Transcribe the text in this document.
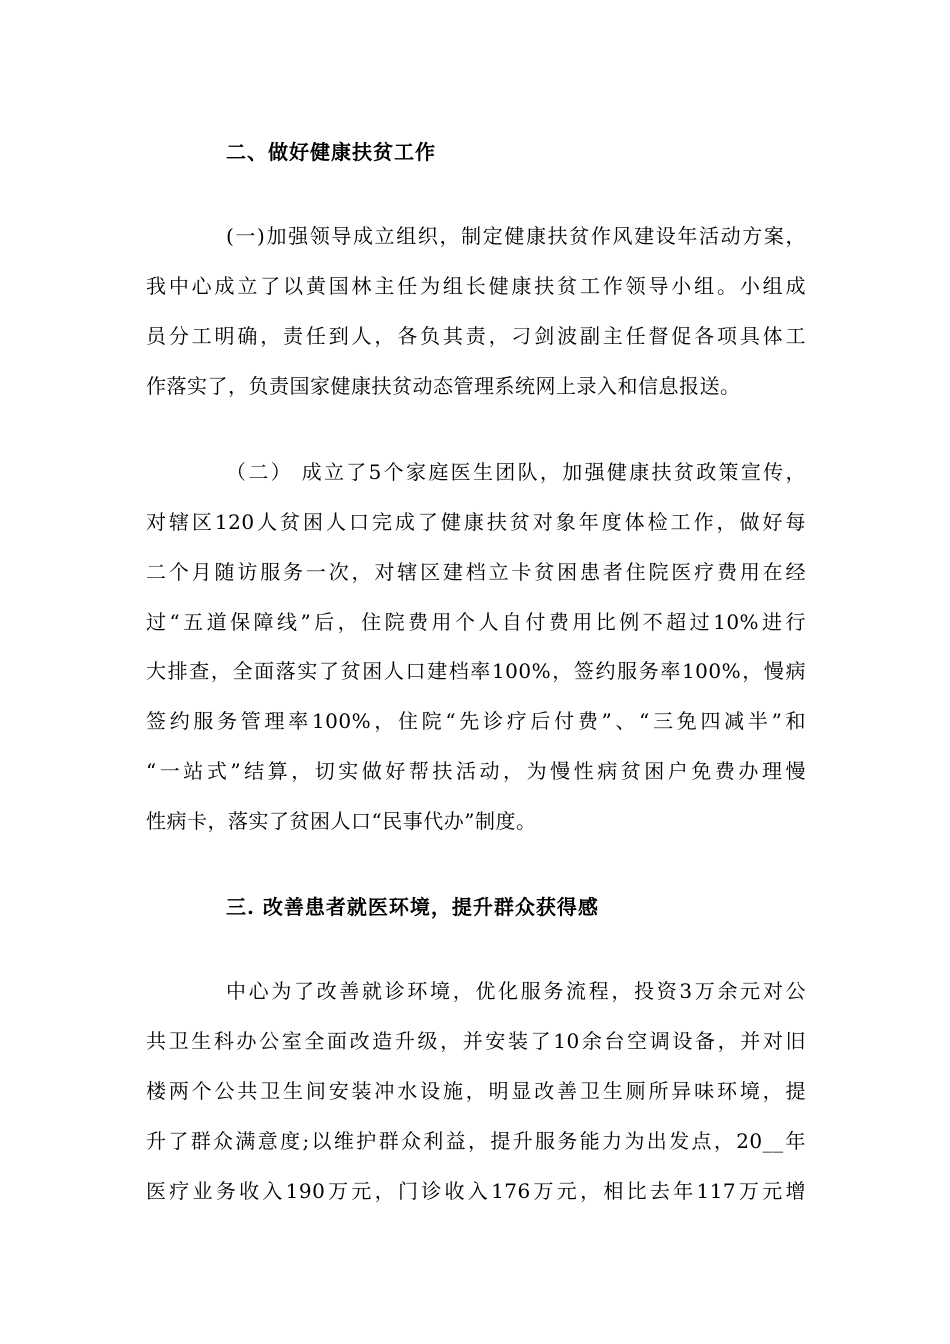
二、做好健康扶贫工作
(一)加强领导成立组织，制定健康扶贫作风建设年活动方案，
我中心成立了以黄国林主任为组长健康扶贫工作领导小组。小组成
员分工明确，责任到人，各负其责，刁剑波副主任督促各项具体工
作落实了，负责国家健康扶贫动态管理系统网上录入和信息报送。
（二） 成立了5个家庭医生团队，加强健康扶贫政策宣传，
对辖区120人贫困人口完成了健康扶贫对象年度体检工作，做好每
二个月随访服务一次，对辖区建档立卡贫困患者住院医疗费用在经
过“五道保障线”后，住院费用个人自付费用比例不超过10%进行
大排查，全面落实了贫困人口建档率100%，签约服务率100%，慢病
签约服务管理率100%，住院“先诊疗后付费”、“三免四减半”和
“一站式”结算，切实做好帮扶活动，为慢性病贫困户免费办理慢
性病卡，落实了贫困人口“民事代办”制度。
三. 改善患者就医环境，提升群众获得感
中心为了改善就诊环境，优化服务流程，投资3万余元对公
共卫生科办公室全面改造升级，并安装了10余台空调设备，并对旧
楼两个公共卫生间安装冲水设施，明显改善卫生厕所异味环境，提
升了群众满意度;以维护群众利益，提升服务能力为出发点，20__年
医疗业务收入190万元，门诊收入176万元，相比去年117万元增
